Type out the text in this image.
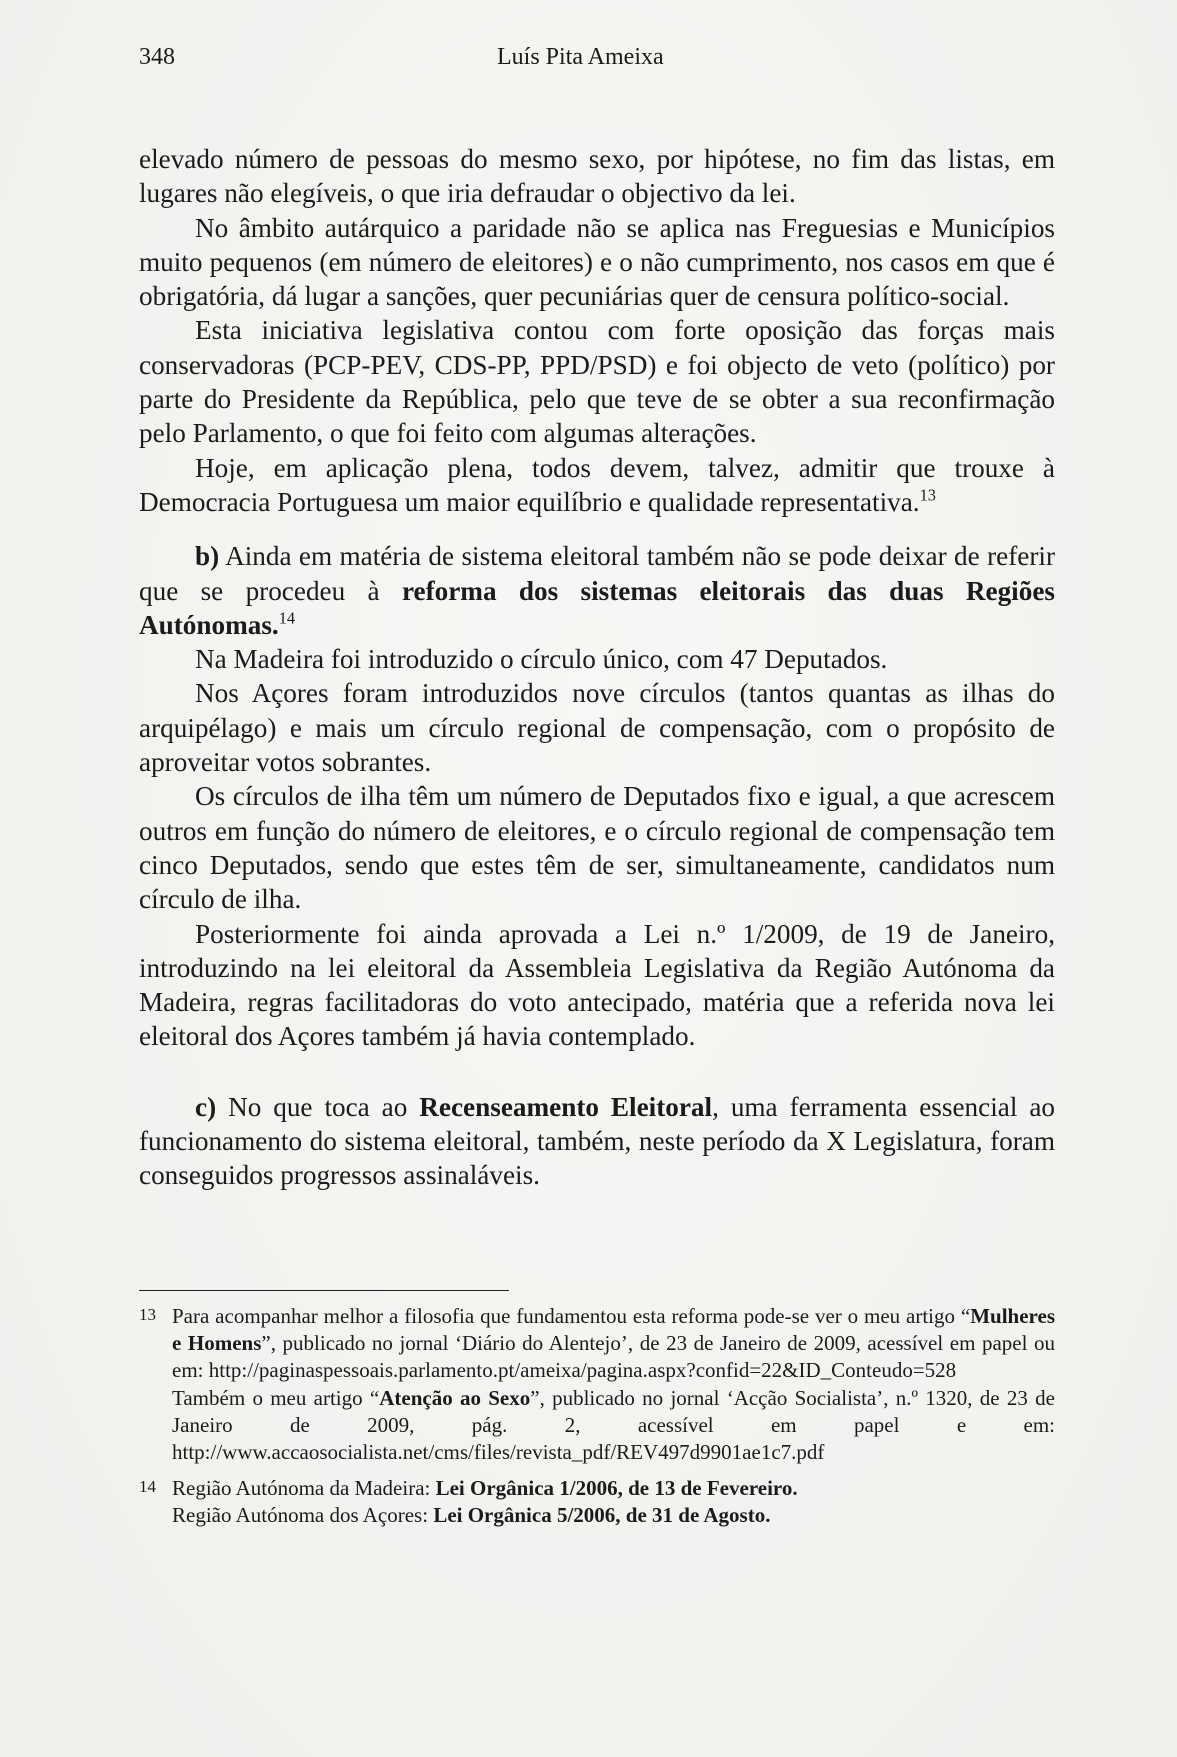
348	Luís Pita Ameixa

elevado número de pessoas do mesmo sexo, por hipótese, no fim das listas, em lugares não elegíveis, o que iria defraudar o objectivo da lei.

No âmbito autárquico a paridade não se aplica nas Freguesias e Municípios muito pequenos (em número de eleitores) e o não cumprimento, nos casos em que é obrigatória, dá lugar a sanções, quer pecuniárias quer de censura político-social.

Esta iniciativa legislativa contou com forte oposição das forças mais conservadoras (PCP-PEV, CDS-PP, PPD/PSD) e foi objecto de veto (político) por parte do Presidente da República, pelo que teve de se obter a sua reconfirmação pelo Parlamento, o que foi feito com algumas alterações.

Hoje, em aplicação plena, todos devem, talvez, admitir que trouxe à Democracia Portuguesa um maior equilíbrio e qualidade representativa.$^{13}$

b) Ainda em matéria de sistema eleitoral também não se pode deixar de referir que se procedeu à reforma dos sistemas eleitorais das duas Regiões Autónomas.$^{14}$

Na Madeira foi introduzido o círculo único, com 47 Deputados.

Nos Açores foram introduzidos nove círculos (tantos quantas as ilhas do arquipélago) e mais um círculo regional de compensação, com o propósito de aproveitar votos sobrantes.

Os círculos de ilha têm um número de Deputados fixo e igual, a que acrescem outros em função do número de eleitores, e o círculo regional de compensação tem cinco Deputados, sendo que estes têm de ser, simultaneamente, candidatos num círculo de ilha.

Posteriormente foi ainda aprovada a Lei n.º 1/2009, de 19 de Janeiro, introduzindo na lei eleitoral da Assembleia Legislativa da Região Autónoma da Madeira, regras facilitadoras do voto antecipado, matéria que a referida nova lei eleitoral dos Açores também já havia contemplado.

c) No que toca ao Recenseamento Eleitoral, uma ferramenta essencial ao funcionamento do sistema eleitoral, também, neste período da X Legislatura, foram conseguidos progressos assinaláveis.

13 Para acompanhar melhor a filosofia que fundamentou esta reforma pode-se ver o meu artigo “Mulheres e Homens”, publicado no jornal ‘Diário do Alentejo’, de 23 de Janeiro de 2009, acessível em papel ou em: http://paginaspessoais.parlamento.pt/ameixa/pagina.aspx?confid=22&ID_Conteudo=528

Também o meu artigo “Atenção ao Sexo”, publicado no jornal ‘Acção Socialista’, n.º 1320, de 23 de Janeiro de 2009, pág. 2, acessível em papel e em: http://www.accaosocialista.net/cms/files/revista_pdf/REV497d9901ae1c7.pdf

14 Região Autónoma da Madeira: Lei Orgânica 1/2006, de 13 de Fevereiro.

Região Autónoma dos Açores: Lei Orgânica 5/2006, de 31 de Agosto.
